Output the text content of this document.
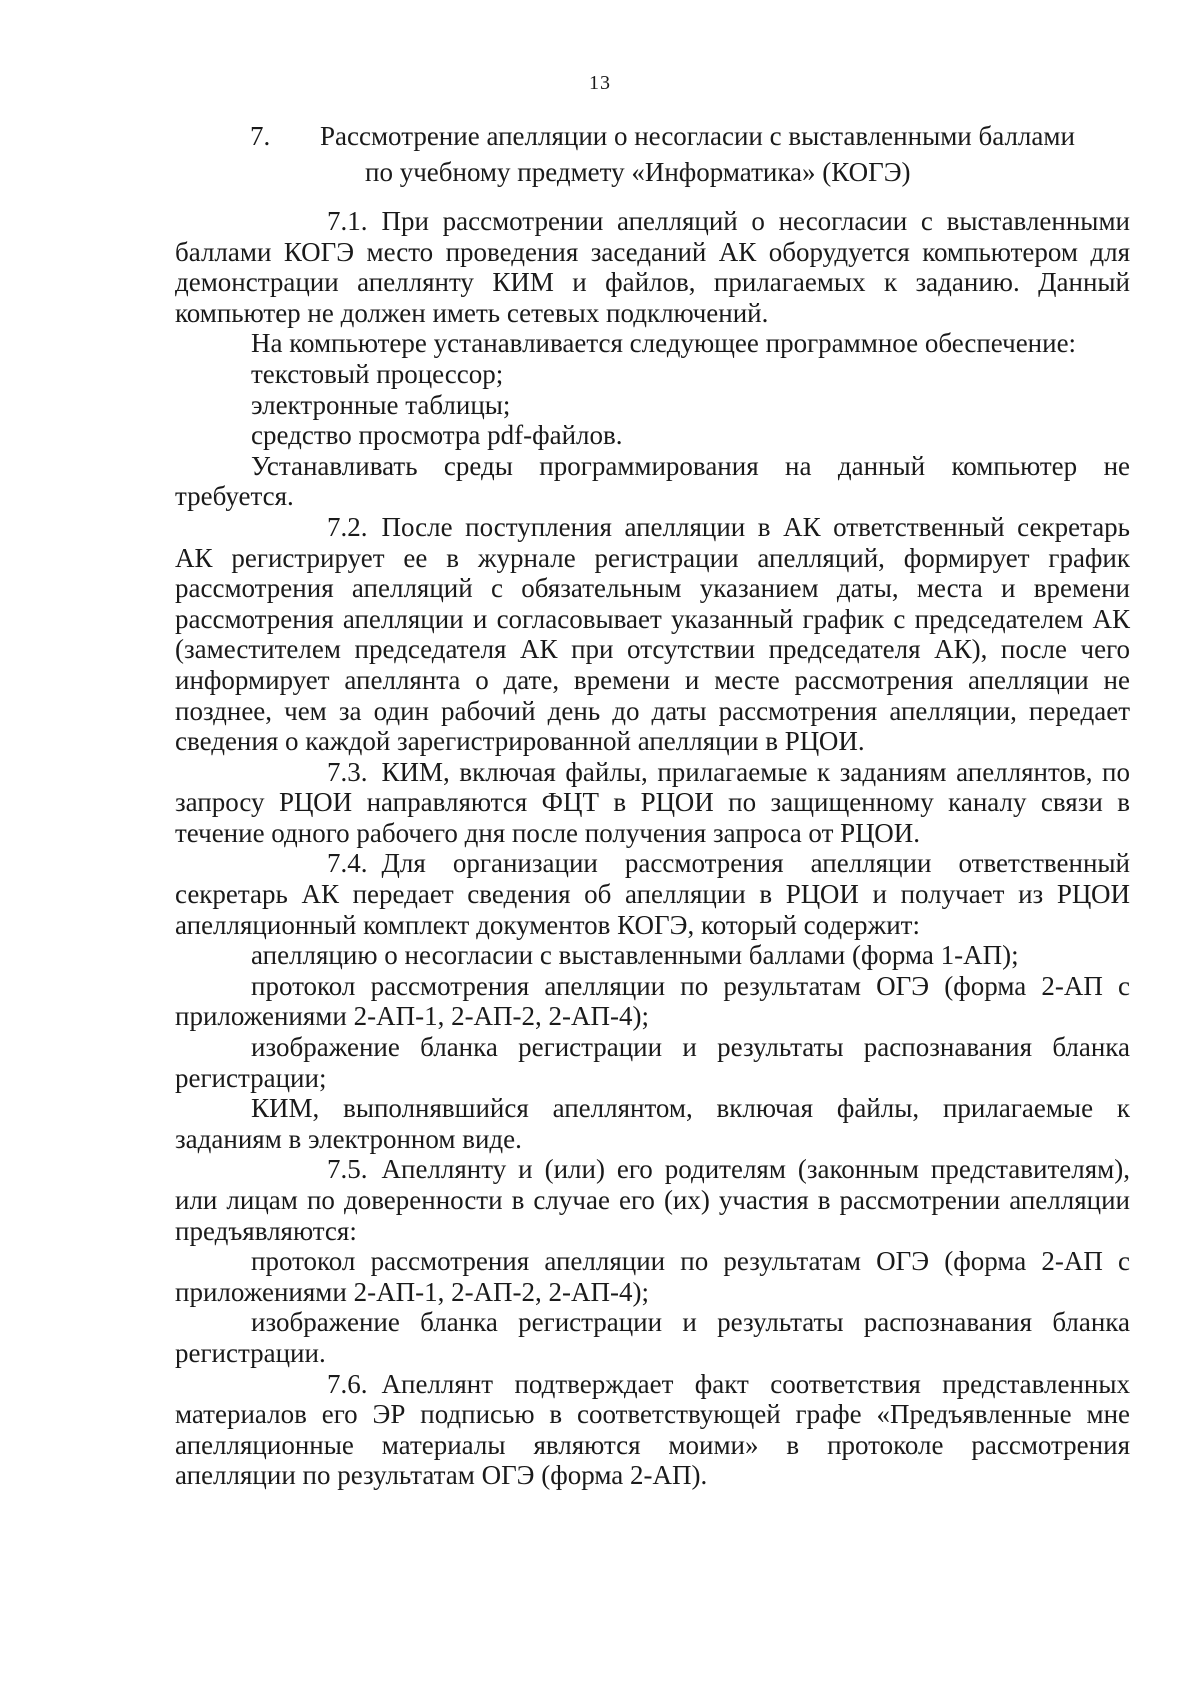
13
7.	Рассмотрение апелляции о несогласии с выставленными баллами
по учебному предмету «Информатика» (КОГЭ)

7.1. При рассмотрении апелляций о несогласии с выставленными баллами КОГЭ место проведения заседаний АК оборудуется компьютером для демонстрации апеллянту КИМ и файлов, прилагаемых к заданию. Данный компьютер не должен иметь сетевых подключений.

На компьютере устанавливается следующее программное обеспечение:

текстовый процессор;

электронные таблицы;

средство просмотра pdf-файлов.

Устанавливать среды программирования на данный компьютер не требуется.

7.2. После поступления апелляции в АК ответственный секретарь АК регистрирует ее в журнале регистрации апелляций, формирует график рассмотрения апелляций с обязательным указанием даты, места и времени рассмотрения апелляции и согласовывает указанный график с председателем АК (заместителем председателя АК при отсутствии председателя АК), после чего информирует апеллянта о дате, времени и месте рассмотрения апелляции не позднее, чем за один рабочий день до даты рассмотрения апелляции, передает сведения о каждой зарегистрированной апелляции в РЦОИ.

7.3. КИМ, включая файлы, прилагаемые к заданиям апеллянтов, по запросу РЦОИ направляются ФЦТ в РЦОИ по защищенному каналу связи в течение одного рабочего дня после получения запроса от РЦОИ.

7.4. Для организации рассмотрения апелляции ответственный секретарь АК передает сведения об апелляции в РЦОИ и получает из РЦОИ апелляционный комплект документов КОГЭ, который содержит:

апелляцию о несогласии с выставленными баллами (форма 1-АП);

протокол рассмотрения апелляции по результатам ОГЭ (форма 2-АП с приложениями 2-АП-1, 2-АП-2, 2-АП-4);

изображение бланка регистрации и результаты распознавания бланка регистрации;

КИМ, выполнявшийся апеллянтом, включая файлы, прилагаемые к заданиям в электронном виде.

7.5. Апеллянту и (или) его родителям (законным представителям), или лицам по доверенности в случае его (их) участия в рассмотрении апелляции предъявляются:

протокол рассмотрения апелляции по результатам ОГЭ (форма 2-АП с приложениями 2-АП-1, 2-АП-2, 2-АП-4);

изображение бланка регистрации и результаты распознавания бланка регистрации.

7.6. Апеллянт подтверждает факт соответствия представленных материалов его ЭР подписью в соответствующей графе «Предъявленные мне апелляционные материалы являются моими» в протоколе рассмотрения апелляции по результатам ОГЭ (форма 2-АП).
